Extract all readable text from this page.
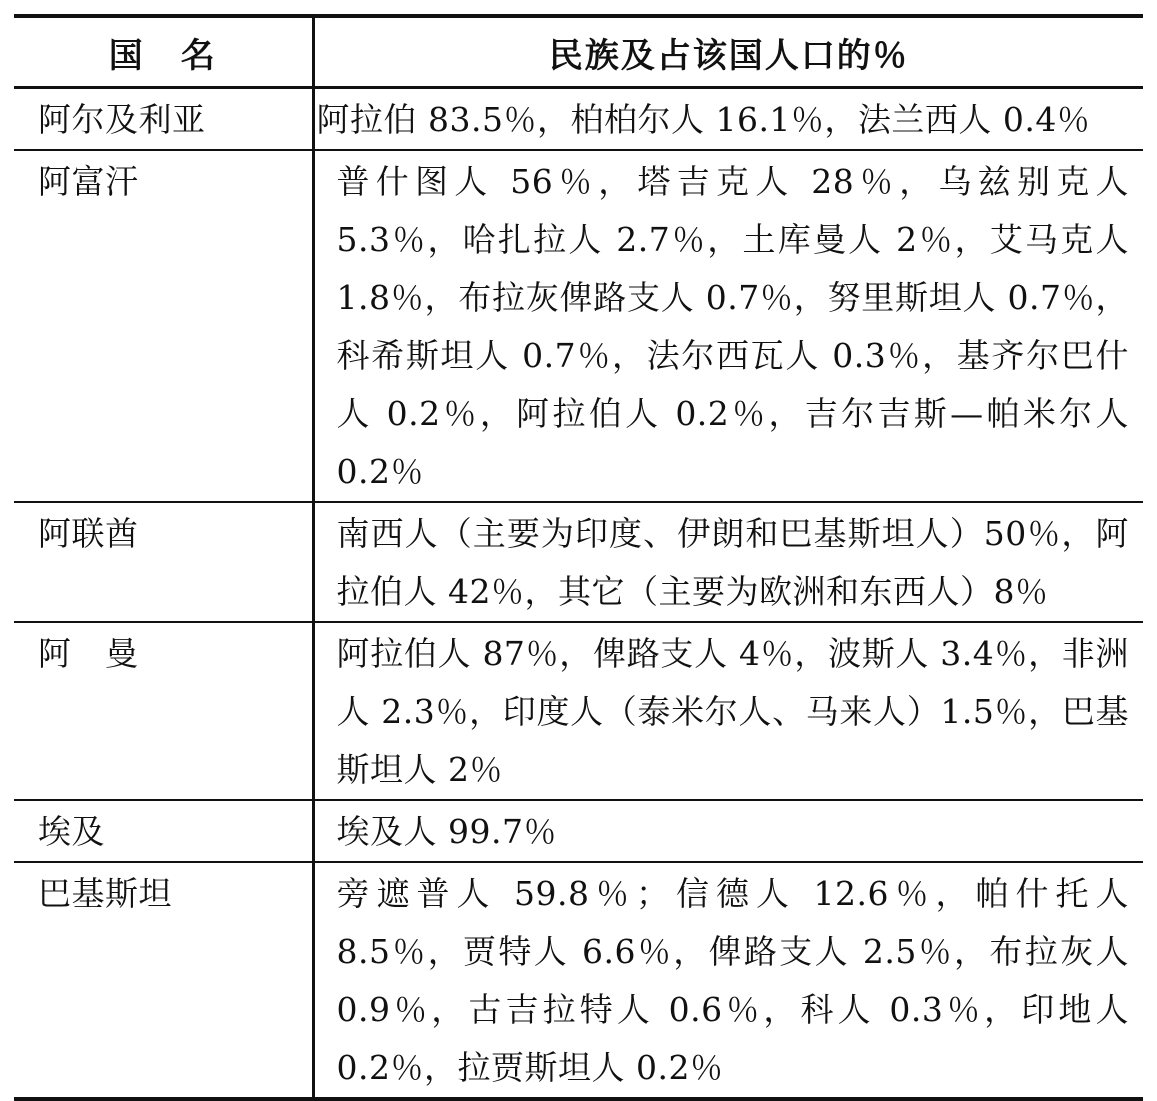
国　名	民族及占该国人口的％
阿尔及利亚	阿拉伯 83.5％，柏柏尔人 16.1％，法兰西人 0.4％
阿富汗	普什图人 56％，塔吉克人 28％，乌兹别克人 5.3％，哈扎拉人 2.7％，土库曼人 2％，艾马克人 1.8％，布拉灰俾路支人 0.7％，努里斯坦人 0.7％，科希斯坦人 0.7％，法尔西瓦人 0.3％，基齐尔巴什人 0.2％，阿拉伯人 0.2％，吉尔吉斯—帕米尔人 0.2％
阿联酋	南西人（主要为印度、伊朗和巴基斯坦人）50％，阿拉伯人 42％，其它（主要为欧洲和东西人）8％
阿　曼	阿拉伯人 87％，俾路支人 4％，波斯人 3.4％，非洲人 2.3％，印度人（泰米尔人、马来人）1.5％，巴基斯坦人 2％
埃及	埃及人 99.7％
巴基斯坦	旁遮普人 59.8％；信德人 12.6％，帕什托人 8.5％，贾特人 6.6％，俾路支人 2.5％，布拉灰人 0.9％，古吉拉特人 0.6％，科人 0.3％，印地人 0.2％，拉贾斯坦人 0.2％
